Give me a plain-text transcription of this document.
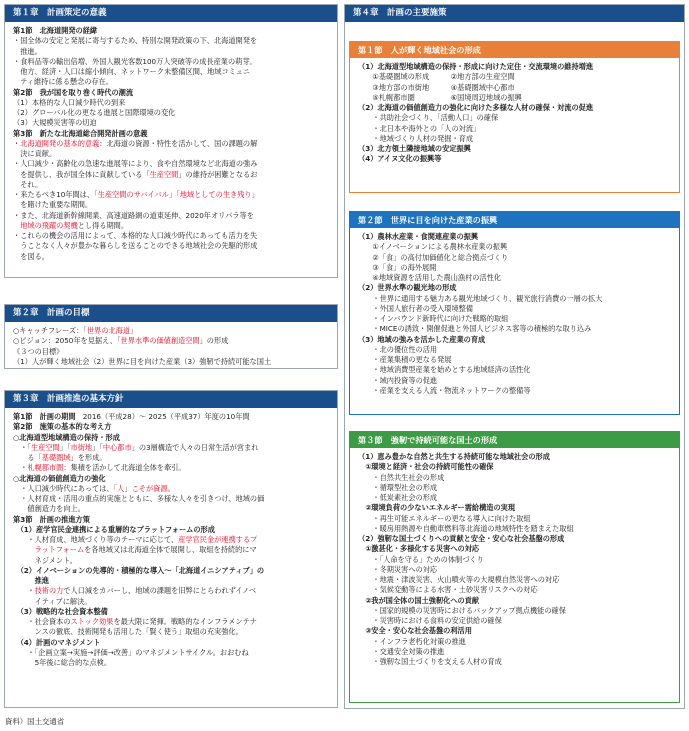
第１章　計画策定の意義
第1節　北海道開発の経緯
・国全体の安定と発展に寄与するため、特別な開発政策の下、北海道開発を
　推進。
・食料品等の輸出倍増、外国人観光客数100万人突破等の成長産業の萌芽。
　他方、経済・人口は縮小傾向、ネットワーク未整備区間、地域コミュニ
　ティ維持に係る懸念の存在。
第2節　我が国を取り巻く時代の潮流
（1）本格的な人口減少時代の到来
（2）グローバル化の更なる進展と国際環境の変化
（3）大規模災害等の切迫
第3節　新たな北海道総合開発計画の意義
・北海道開発の基本的意義：北海道の資源・特性を活かして、国の課題の解
　決に貢献。
・人口減少・高齢化の急速な進展等により、食や自然環境など北海道の強み
　を提供し、我が国全体に貢献している「生産空間」の維持が困難となるお
　それ。
・来たるべき10年間は、「生産空間のサバイバル」「地域としての生き残り」
　を賭けた重要な期間。
・また、北海道新幹線開業、高速道路網の道東延伸、2020年オリパラ等を
　地域の飛躍の契機とし得る期間。
・これらの機会の活用によって、本格的な人口減少時代にあっても活力を失
　うことなく人々が豊かな暮らしを送ることのできる地域社会の先駆的形成
　を図る。
第２章　計画の目標
○キャッチフレーズ：「世界の北海道」
○ビジョン：2050年を見据え、「世界水準の価値創造空間」の形成
《３つの目標》
（1）人が輝く地域社会（2）世界に目を向けた産業（3）強靭で持続可能な国土
第３章　計画推進の基本方針
第1節　計画の期間　2016（平成28）～ 2025（平成37）年度の10年間
第2節　施策の基本的な考え方
○北海道型地域構造の保持・形成
　・「生産空間」「市街地」「中心都市」の3層構造で人々の日常生活が営まれ
　　る「基礎圏域」を形成。
　・札幌都市圏：集積を活かして北海道全体を牽引。
○北海道の価値創造力の強化
　・人口減少時代にあっては、「人」こそが資源。
　・人材育成・活用の重点的実施とともに、多様な人々を引きつけ、地域の価
　　値創造力を向上。
第3節　計画の推進方策
　（1）産学官民金連携による重層的なプラットフォームの形成
　　・人材育成、地域づくり等のテーマに応じて、産学官民金が連携するプ
　　　ラットフォームを各地域又は北海道全体で展開し、取組を持続的にマ
　　　ネジメント。
　（2）イノベーションの先導的・積極的な導入～「北海道イニシアティブ」の
　　　推進
　　・技術の力で人口減をカバーし、地域の課題を旧弊にとらわれずイノベ
　　　イティブに解決。
　（3）戦略的な社会資本整備
　　・社会資本のストック効果を最大限に発揮。戦略的なインフラメンテナ
　　　ンスの徹底、技術開発も活用した「賢く使う」取組の充実強化。
　（4）計画のマネジメント
　　・「企画立案→実施→評価→改善」のマネジメントサイクル。おおむね
　　　5年後に総合的な点検。
第４章　計画の主要施策
第１節　人が輝く地域社会の形成
（1）北海道型地域構造の保持・形成に向けた定住・交流環境の維持増進
　　①基礎圏域の形成　　　②地方部の生産空間
　　③地方部の市街地　　　④基礎圏域中心都市
　　⑤札幌都市圏　　　　　⑥国境周辺地域の振興
（2）北海道の価値創造力の強化に向けた多様な人材の確保・対流の促進
　　・共助社会づくり、「活動人口」の確保
　　・北日本や海外との「人の対流」
　　・地域づくり人材の発掘・育成
（3）北方領土隣接地域の安定振興
（4）アイヌ文化の振興等
第２節　世界に目を向けた産業の振興
（1）農林水産業・食関連産業の振興
　　①イノベーションによる農林水産業の振興
　　②「食」の高付加価値化と総合拠点づくり
　　③「食」の海外展開
　　④地域資源を活用した農山漁村の活性化
（2）世界水準の観光地の形成
　　・世界に通用する魅力ある観光地域づくり、観光旅行消費の一層の拡大
　　・外国人旅行者の受入環境整備
　　・インバウンド新時代に向けた戦略的取組
　　・MICEの誘致・開催促進と外国人ビジネス客等の積極的な取り込み
（3）地域の強みを活かした産業の育成
　　・北の優位性の活用
　　・産業集積の更なる発展
　　・地域消費型産業を始めとする地域経済の活性化
　　・域内投資等の促進
　　・産業を支える人流・物流ネットワークの整備等
第３節　強靭で持続可能な国土の形成
（1）恵み豊かな自然と共生する持続可能な地域社会の形成
　①環境と経済・社会の持続可能性の確保
　　・自然共生社会の形成
　　・循環型社会の形成
　　・低炭素社会の形成
　②環境負荷の少ないエネルギー需給構造の実現
　　・再生可能エネルギーの更なる導入に向けた取組
　　・暖房用熱源や自動車燃料等北海道の地域特性を踏まえた取組
（2）強靭な国土づくりへの貢献と安全・安心な社会基盤の形成
　①激甚化・多様化する災害への対応
　　・「人命を守る」ための体制づくり
　　・冬期災害への対応
　　・地震・津波災害、火山噴火等の大規模自然災害への対応
　　・気候変動等による水害・土砂災害リスクへの対応
　②我が国全体の国土強靭化への貢献
　　・国家的規模の災害時におけるバックアップ拠点機能の確保
　　・災害時における食料の安定供給の確保
　③安全・安心な社会基盤の利活用
　　・インフラ老朽化対策の推進
　　・交通安全対策の推進
　　・強靭な国土づくりを支える人材の育成
資料）国土交通省
